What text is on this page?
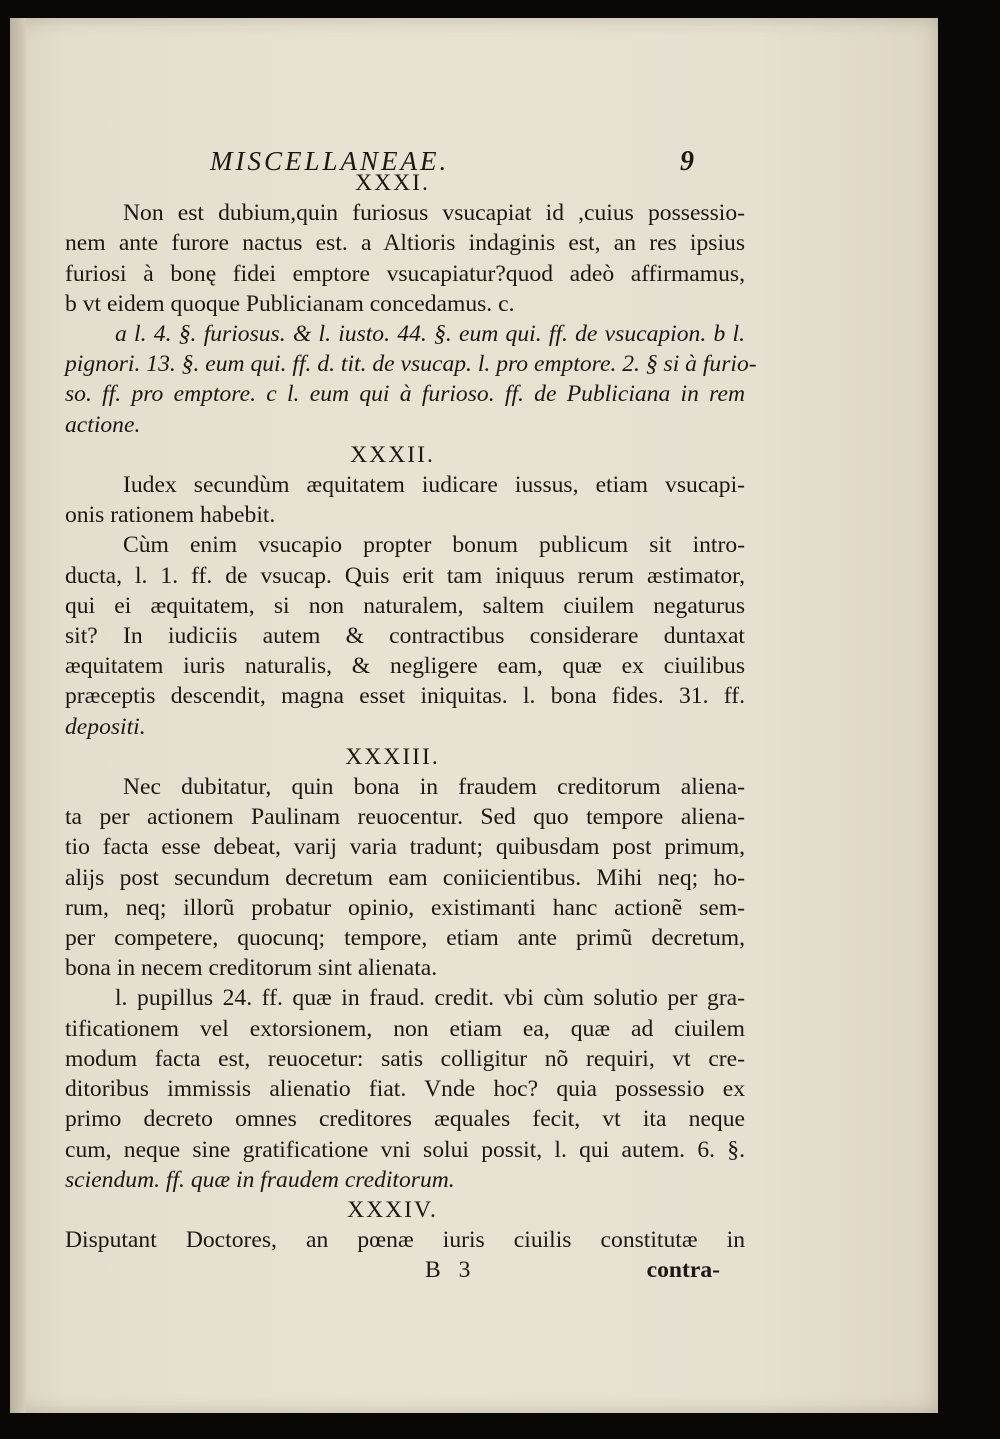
MISCELLANEAE.	9
XXXI.
Non est dubium,quin furiosus vsucapiat id ,cuius possessio-
nem ante furore nactus est. a Altioris indaginis est, an res ipsius
furiosi à bonę fidei emptore vsucapiatur?quod adeò affirmamus,
b vt eidem quoque Publicianam concedamus. c.
a l. 4. §. furiosus. & l. iusto. 44. §. eum qui. ff. de vsucapion. b l.
pignori. 13. §. eum qui. ff. d. tit. de vsucap. l. pro emptore. 2. § si à furio-
so. ff. pro emptore. c l. eum qui à furioso. ff. de Publiciana in rem
actione.
XXXII.
Iudex secundùm æquitatem iudicare iussus, etiam vsucapi-
onis rationem habebit.
Cùm enim vsucapio propter bonum publicum sit intro-
ducta, l. 1. ff. de vsucap. Quis erit tam iniquus rerum æstimator,
qui ei æquitatem, si non naturalem, saltem ciuilem negaturus
sit? In iudiciis autem & contractibus considerare duntaxat
æquitatem iuris naturalis, & negligere eam, quæ ex ciuilibus
præceptis descendit, magna esset iniquitas. l. bona fides. 31. ff.
depositi.
XXXIII.
Nec dubitatur, quin bona in fraudem creditorum aliena-
ta per actionem Paulinam reuocentur. Sed quo tempore aliena-
tio facta esse debeat, varij varia tradunt; quibusdam post primum,
alijs post secundum decretum eam coniicientibus. Mihi neq; ho-
rum, neq; illorũ probatur opinio, existimanti hanc actionẽ sem-
per competere, quocunq; tempore, etiam ante primũ decretum,
bona in necem creditorum sint alienata.
l. pupillus 24. ff. quæ in fraud. credit. vbi cùm solutio per gra-
tificationem vel extorsionem, non etiam ea, quæ ad ciuilem
modum facta est, reuocetur: satis colligitur nõ requiri, vt cre-
ditoribus immissis alienatio fiat. Vnde hoc? quia possessio ex
primo decreto omnes creditores æquales fecit, vt ita neque
cum, neque sine gratificatione vni solui possit, l. qui autem. 6. §.
sciendum. ff. quæ in fraudem creditorum.
XXXIV.
Disputant Doctores, an pœnæ iuris ciuilis constitutæ in
B 3	contra-
